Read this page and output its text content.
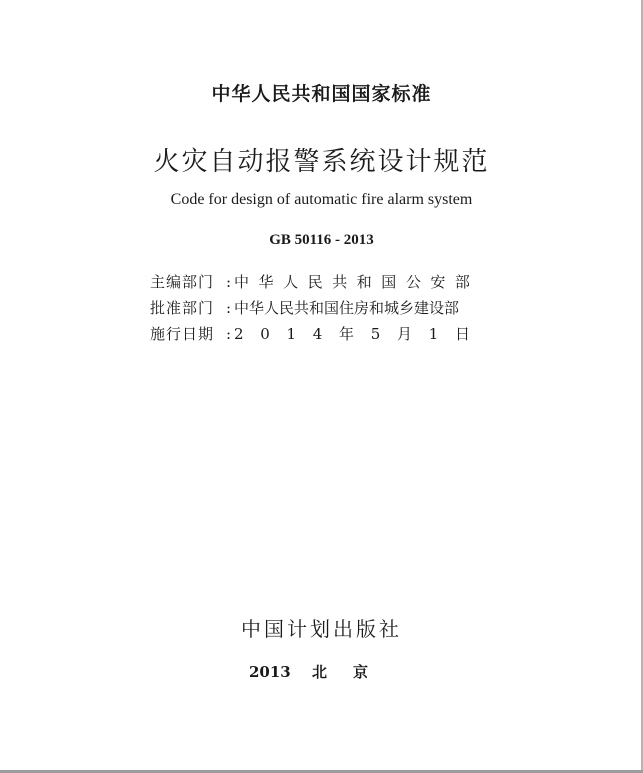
中华人民共和国国家标准
火灾自动报警系统设计规范
Code for design of automatic fire alarm system
GB 50116 - 2013
主编部门 : 中 华 人 民 共 和 国 公 安 部
批准部门 : 中华人民共和国住房和城乡建设部
施行日期 : 2 0 1 4 年 5 月 1 日
中国计划出版社
2013 北京
